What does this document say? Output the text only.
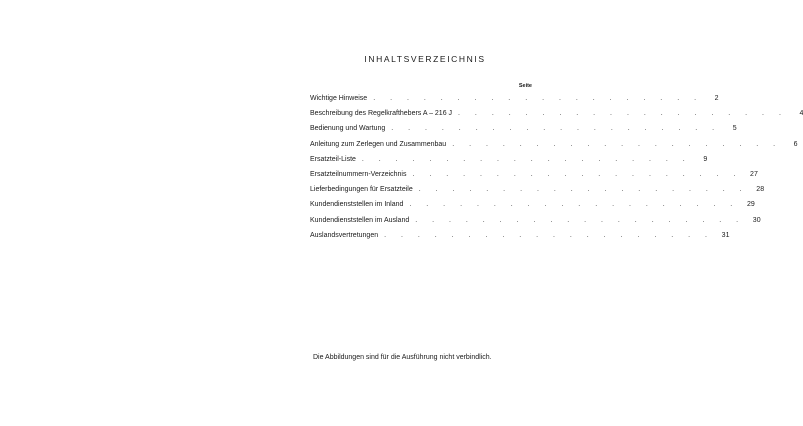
INHALTSVERZEICHNIS
Seite
Wichtige Hinweise . . . . . . . . . . . . . . . . . . . .	2
Beschreibung des Regelkrafthebers A – 216 J . . . . . . . . . . . . . . . . . . . .	4
Bedienung und Wartung . . . . . . . . . . . . . . . . . . . .	5
Anleitung zum Zerlegen und Zusammenbau . . . . . . . . . . . . . . . . . . . .	6
Ersatzteil-Liste . . . . . . . . . . . . . . . . . . . .	9
Ersatzteilnummern-Verzeichnis . . . . . . . . . . . . . . . . . . . .	27
Lieferbedingungen für Ersatzteile . . . . . . . . . . . . . . . . . . . .	28
Kundendienststellen im Inland . . . . . . . . . . . . . . . . . . . .	29
Kundendienststellen im Ausland . . . . . . . . . . . . . . . . . . . .	30
Auslandsvertretungen . . . . . . . . . . . . . . . . . . . .	31
Die Abbildungen sind für die Ausführung nicht verbindlich.
